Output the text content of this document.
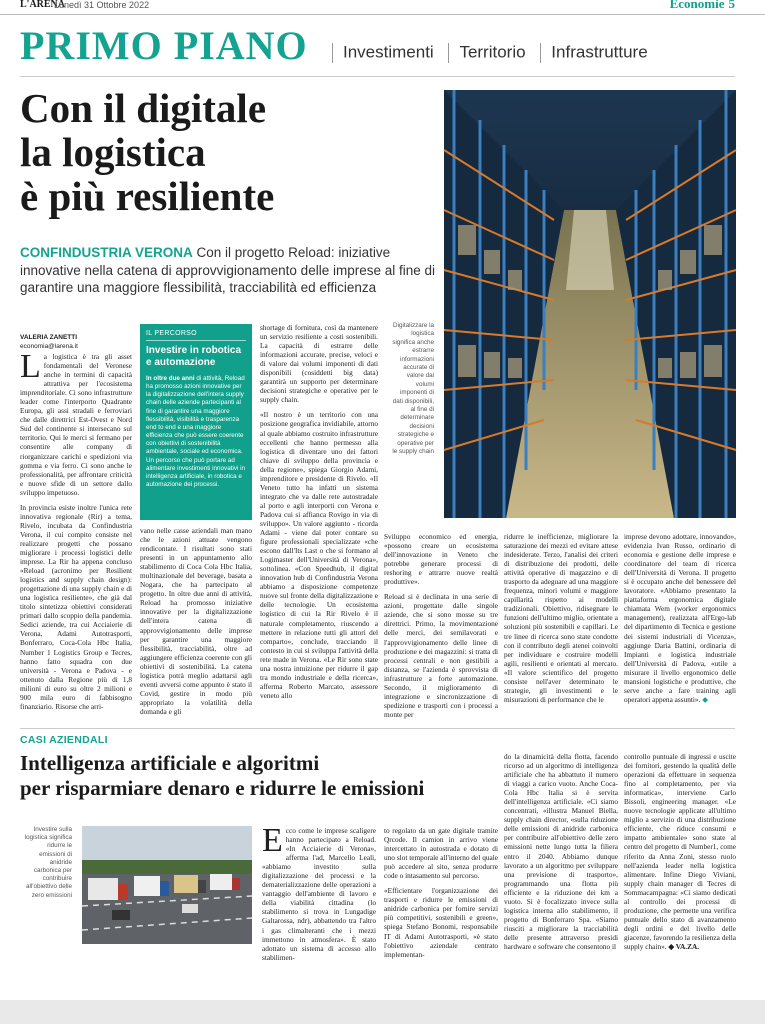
L'ARENA
Lunedì 31 Ottobre 2022	Economie 5
PRIMO PIANO	Investimenti Territorio Infrastrutture
Con il digitale
la logistica
è più resiliente
CONFINDUSTRIA VERONA Con il progetto Reload: iniziative innovative nella catena di approvvigionamento delle imprese al fine di garantire una maggiore flessibilità, tracciabilità ed efficienza
Digitalizzare la logistica significa anche estrarre informazioni accurate di valore dai volumi imponenti di dati disponibili, al fine di determinare decisioni strategiche e operative per le supply chain
VALERIA ZANETTI
economia@larena.it

La logistica è tra gli asset fondamentali del Veronese anche in termini di capacità attrattiva per l'ecosistema imprenditoriale. Ci sono infrastrutture leader come l'interporto Quadrante Europa, gli assi stradali e ferroviari che dalle direttrici Est-Ovest e Nord Sud del continente si intersecano sul territorio. Qui le merci si fermano per consentire alle company di riorganizzare carichi e spedizioni via gomma e via ferro. Ci sono anche le professionalità, per affrontare criticità e nuove sfide di un settore dallo sviluppo impetuoso.

In provincia esiste inoltre l'unica rete innovativa regionale (Rir) a tema, Rivelo, incubata da Confindustria Verona, il cui compito consiste nel realizzare progetti che possano migliorare i processi logistici delle imprese. La Rir ha appena concluso «Reload (acronimo per Resilient logistics and supply chain design): progettazione di una supply chain e di una logistica resiliente», che già dal titolo sintetizza obiettivi considerati primari dallo scoppio della pandemia. Sedici aziende, tra cui Acciaierie di Verona, Adami Autotrasporti, Bonferraro, Coca-Cola Hbc Italia, Number 1 Logistics Group e Tecres, hanno fatto squadra con due università - Verona e Padova - e ottenuto dalla Regione più di 1,8 milioni di euro su oltre 2 milioni e 900 mila euro di fabbisogno finanziario. Risorse che arri-

IL PERCORSO
Investire in robotica e automazione
In oltre due anni di attività, Reload ha promosso azioni innovative per la digitalizzazione dell'intera supply chain delle aziende partecipanti al fine di garantire una maggiore flessibilità, visibilità e trasparenza end to end e una maggiore efficienza che può essere coerente con obiettivi di sostenibilità ambientale, sociale ed economica. Un percorso che può portare ad alimentare investimenti innovativi in intelligenza artificiale, in robotica e automazione dei processi.

vano nelle casse aziendali man mano che le azioni attuate vengono rendicontate. I risultati sono stati presenti in un appuntamento allo stabilimento di Coca Cola Hbc Italia, multinazionale del beverage, basata a Nogara, che ha partecipato al progetto. In oltre due anni di attività, Reload ha promosso iniziative innovative per la digitalizzazione dell'intera catena di approvvigionamento delle imprese per garantire una maggiore flessibilità, tracciabilità, oltre ad aggiungere efficienza coerente con gli obiettivi di sostenibilità. La catena logistica potrà meglio adattarsi agli eventi avversi come appunto è stato il Covid, gestire in modo più appropriato la volatilità della domanda e gli

shortage di fornitura, così da mantenere un servizio resiliente a costi sostenibili. La capacità di estrarre delle informazioni accurate, precise, veloci e di valore dai volumi imponenti di dati disponibili (cosiddetti big data) garantirà un supporto per determinare decisioni strategiche e operative per le supply chain.

«Il nostro è un territorio con una posizione geografica invidiabile, attorno al quale abbiamo costruito infrastrutture eccellenti che hanno permesso alla logistica di diventare uno dei fattori chiave di sviluppo della provincia e della regione», spiega Giorgio Adami, imprenditore e presidente di Rivelo. «Il Veneto tutto ha infatti un sistema integrato che va dalle rete autostradale al porto e agli interporti con Verona e Padova cui si affianca Rovigo in via di sviluppo». Un valore aggiunto - ricorda Adami - viene dal poter contare su figure professionali specializzate «che escono dall'Its Last o che si formano al Logimaster dell'Università di Verona», sottolinea. «Con Speedhub, il digital innovation hub di Confindustria Verona abbiamo a disposizione competenze nuove sul fronte della digitalizzazione e delle tecnologie. Un ecosistema logistico di cui la Rir Rivelo è il naturale completamento, riuscendo a mettere in relazione tutti gli attori del comparto», conclude, tracciando il contesto in cui si sviluppa l'attività della rete made in Verona. «Le Rir sono state una nostra intuizione per ridurre il gap tra mondo industriale e della ricerca», afferma Roberto Marcato, assessore veneto allo

Sviluppo economico ed energia, «possono creare un ecosistema dell'innovazione in Veneto che potrebbe generare processi di reshoring e attrarre nuove realtà produttive».

Reload si è declinata in una serie di azioni, progettate dalle singole aziende, che si sono mosse su tre direttrici. Primo, la movimentazione delle merci, dei semilavorati e l'approvvigionamento delle linee di produzione e dei magazzini: si tratta di processi centrali e non gestibili a distanza, se l'azienda è sprovvista di infrastrutture a forte automazione. Secondo, il miglioramento di integrazione e sincronizzazione di spedizione e trasporti con i processi a monte per

ridurre le inefficienze, migliorare la saturazione dei mezzi ed evitare attese indesiderate. Terzo, l'analisi dei criteri di distribuzione dei prodotti, delle attività operative di magazzino e di trasporto da adeguare ad una maggiore frequenza, minori volumi e maggiore capillarità rispetto ai modelli tradizionali. Obiettivo, ridisegnare le funzioni dell'ultimo miglio, orientate a soluzioni più sostenibili e capillari. Le tre linee di ricerca sono state condotte con il contributo degli atenei coinvolti per individuare e costruire modelli agili, resilienti e orientati al mercato. «Il valore scientifico del progetto consiste nell'aver determinato le strategie, gli investimenti e le misurazioni di performance che le

imprese devono adottare, innovando», evidenzia Ivan Russo, ordinario di economia e gestione delle imprese e coordinatore del team di ricerca dell'Università di Verona. Il progetto si è occupato anche del benessere del lavoratore. «Abbiamo presentato la piattaforma ergonomica digitale chiamata Wem (worker ergonomics management), realizzata all'Ergo-lab del dipartimento di Tecnica e gestione dei sistemi industriali di Vicenza», aggiunge Daria Battini, ordinaria di Impianti e logistica industriale dell'Università di Padova, «utile a misurare il livello ergonomico delle mansioni logistiche e produttive, che serve anche a fare training agli operatori appena assunti». ◆

CASI AZIENDALI
Intelligenza artificiale e algoritmi
per risparmiare denaro e ridurre le emissioni
Investire sulla logistica significa ridurre le emissioni di anidride carbonica per contribuire all'obiettivo delle zero emissioni

Ecco come le imprese scaligere hanno partecipato a Reload. «In Acciaierie di Verona», afferma l'ad, Marcello Leali, «abbiamo investito sulla digitalizzazione dei processi e la dematerializzazione delle operazioni a vantaggio dell'ambiente di lavoro e della viabilità cittadina (lo stabilimento si trova in Lungadige Galtarossa, ndr), abbattendo tra l'altro i gas climalteranti che i mezzi immettono in atmosfera». È stato adottato un sistema di accesso allo stabilimen-

to regolato da un gate digitale tramite Qrcode. Il camion in arrivo viene intercettato in autostrada e dotato di uno slot temporale all'interno del quale può accedere al sito, senza produrre code o intasamento sul percorso.

«Efficientare l'organizzazione dei trasporti e ridurre le emissioni di anidride carbonica per fornire servizi più competitivi, sostenibili e green», spiega Stefano Bonomi, responsabile IT di Adami Autotrasporti, «è stato l'obiettivo aziendale centrato implementan-

do la dinamicità della flotta, facendo ricorso ad un algoritmo di intelligenza artificiale che ha abbattuto il numero di viaggi a carico vuoto. Anche Coca-Cola Hbc Italia si è servita dell'intelligenza artificiale. «Ci siamo concentrati, «illustra Manuel Biella, supply chain director, «sulla riduzione delle emissioni di anidride carbonica per contribuire all'obiettivo delle zero emissioni nette lungo tutta la filiera entro il 2040. Abbiamo dunque lavorato a un algoritmo per sviluppare una previsione di trasporto», programmando una flotta più efficiente e la riduzione dei km a vuoto. Si è focalizzato invece sulla logistica interna allo stabilimento, il progetto di Bonferraro Spa. «Siamo riusciti a migliorare la tracciabilità delle presente attraverso presidi hardware e software che consentono il

controllo puntuale di ingressi e uscite dei fornitori, gestendo la qualità delle operazioni da effettuare in sequenza fino al completamento, per via informatica», interviene Carlo Bissoli, engineering manager. «Le nuove tecnologie applicate all'ultimo miglio a servizio di una distribuzione efficiente, che riduce consumi e impatto ambientale» sono state al centro del progetto di Number1, come riferito da Anna Zoni, stesso ruolo nell'azienda leader nella logistica alimentare. Infine Diego Viviani, supply chain manager di Tecres di Sommacampagna: «Ci siamo dedicati al controllo dei processi di produzione, che permette una verifica puntuale dello stato di avanzamento degli ordini e del livello delle giacenze, favorendo la resilienza della supply chain». ◆ VA.ZA.
